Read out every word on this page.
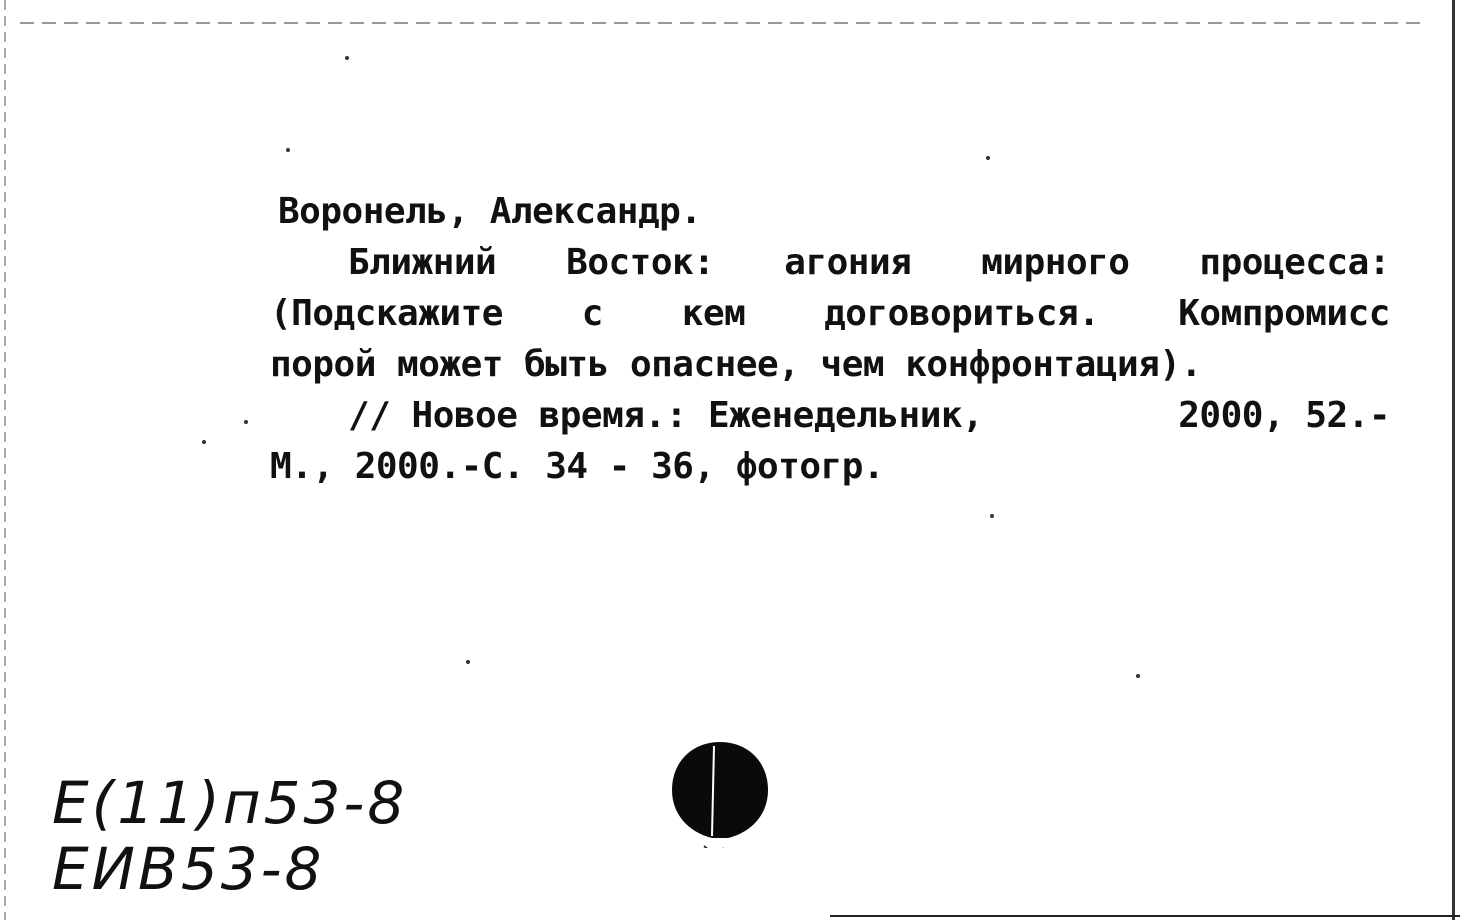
Воронель, Александр.
Ближний Восток: агония мирного процесса:
(Подскажите с кем договориться. Компромисс
порой может быть опаснее, чем конфронтация).
// Новое время.: Еженедельник,	2000, 52.-
М., 2000.-С. 34 - 36, фотогр.
Е(11)п53-8
ЕИВ53-8
